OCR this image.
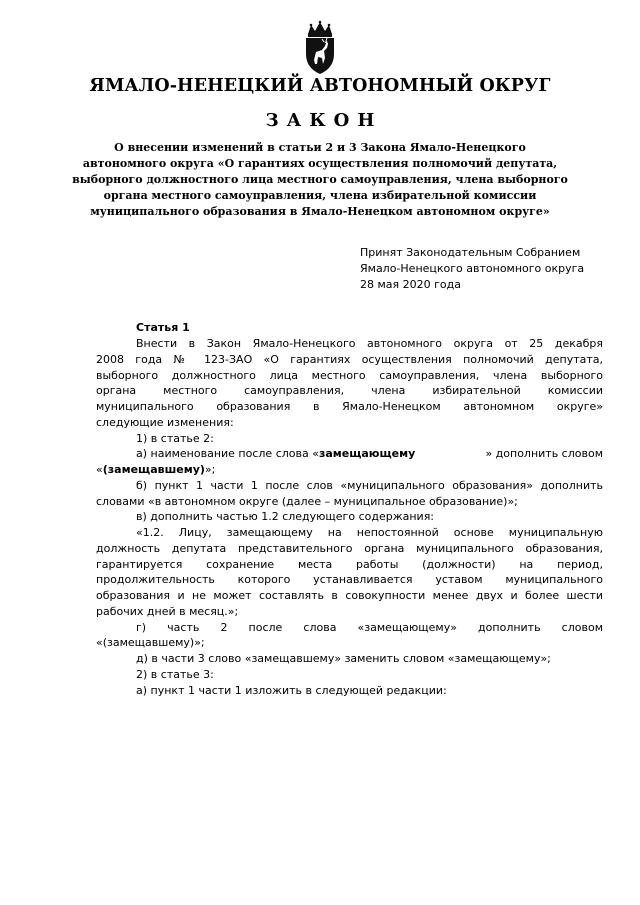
ЯМАЛО-НЕНЕЦКИЙ АВТОНОМНЫЙ ОКРУГ
ЗАКОН
О внесении изменений в статьи 2 и 3 Закона Ямало-Ненецкого
автономного округа «О гарантиях осуществления полномочий депутата,
выборного должностного лица местного самоуправления, члена выборного
органа местного самоуправления, члена избирательной комиссии
муниципального образования в Ямало-Ненецком автономном округе»
Принят Законодательным Собранием
Ямало-Ненецкого автономного округа
28 мая 2020 года
Статья 1
Внести в Закон Ямало-Ненецкого автономного округа от 25 декабря
2008 года № 123-ЗАО «О гарантиях осуществления полномочий депутата,
выборного должностного лица местного самоуправления, члена выборного
органа местного самоуправления, члена избирательной комиссии
муниципального образования в Ямало-Ненецком автономном округе»
следующие изменения:
1) в статье 2:
а) наименование после слова «замещающему	» дополнить словом
«(замещавшему)»;
б) пункт 1 части 1 после слов «муниципального образования» дополнить
словами «в автономном округе (далее – муниципальное образование)»;
в) дополнить частью 1.2 следующего содержания:
«1.2. Лицу, замещающему на непостоянной основе муниципальную
должность депутата представительного органа муниципального образования,
гарантируется сохранение места работы (должности) на период,
продолжительность которого устанавливается уставом муниципального
образования и не может составлять в совокупности менее двух и более шести
рабочих дней в месяц.»;
г) часть 2 после слова «замещающему» дополнить словом
«(замещавшему)»;
д) в части 3 слово «замещавшему» заменить словом «замещающему»;
2) в статье 3:
а) пункт 1 части 1 изложить в следующей редакции:
